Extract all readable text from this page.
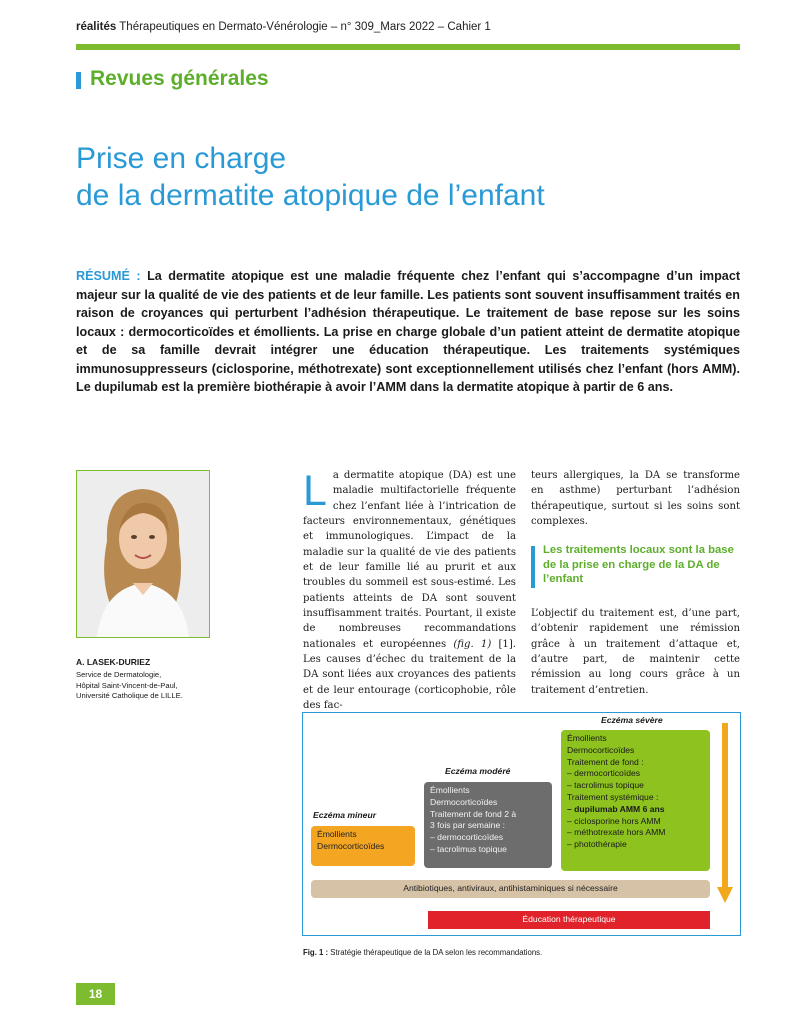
réalités Thérapeutiques en Dermato-Vénérologie – n° 309_Mars 2022 – Cahier 1
Revues générales
Prise en charge
de la dermatite atopique de l’enfant
RÉSUMÉ : La dermatite atopique est une maladie fréquente chez l’enfant qui s’accompagne d’un impact majeur sur la qualité de vie des patients et de leur famille. Les patients sont souvent insuffisamment traités en raison de croyances qui perturbent l’adhésion thérapeutique. Le traitement de base repose sur les soins locaux : dermocorticoïdes et émollients. La prise en charge globale d’un patient atteint de dermatite atopique et de sa famille devrait intégrer une éducation thérapeutique. Les traitements systémiques immunosuppresseurs (ciclosporine, méthotrexate) sont exceptionnellement utilisés chez l’enfant (hors AMM). Le dupilumab est la première biothérapie à avoir l’AMM dans la dermatite atopique à partir de 6 ans.
A. LASEK-DURIEZ
Service de Dermatologie,
Hôpital Saint-Vincent-de-Paul,
Université Catholique de LILLE.
L a dermatite atopique (DA) est une maladie multifactorielle fréquente chez l’enfant liée à l’intrication de facteurs environnementaux, génétiques et immunologiques. L’impact de la maladie sur la qualité de vie des patients et de leur famille lié au prurit et aux troubles du sommeil est sous-estimé. Les patients atteints de DA sont souvent insuffisamment traités. Pourtant, il existe de nombreuses recommandations nationales et européennes (fig. 1) [1]. Les causes d’échec du traitement de la DA sont liées aux croyances des patients et de leur entourage (corticophobie, rôle des fac-
teurs allergiques, la DA se transforme en asthme) perturbant l’adhésion thérapeutique, surtout si les soins sont complexes.
Les traitements locaux sont la base de la prise en charge de la DA de l’enfant
L’objectif du traitement est, d’une part, d’obtenir rapidement une rémission grâce à un traitement d’attaque et, d’autre part, de maintenir cette rémission au long cours grâce à un traitement d’entretien.
Eczéma mineur
Émollients
Dermocorticoïdes
Eczéma modéré
Émollients
Dermocorticoïdes
Traitement de fond 2 à
3 fois par semaine :
– dermocorticoïdes
– tacrolimus topique
Eczéma sévère
Émollients
Dermocorticoïdes
Traitement de fond :
– dermocorticoïdes
– tacrolimus topique
Traitement systémique :
– dupilumab AMM 6 ans
– ciclosporine hors AMM
– méthotrexate hors AMM
– photothérapie
Antibiotiques, antiviraux, antihistaminiques si nécessaire
Éducation thérapeutique
Fig. 1 : Stratégie thérapeutique de la DA selon les recommandations.
18
